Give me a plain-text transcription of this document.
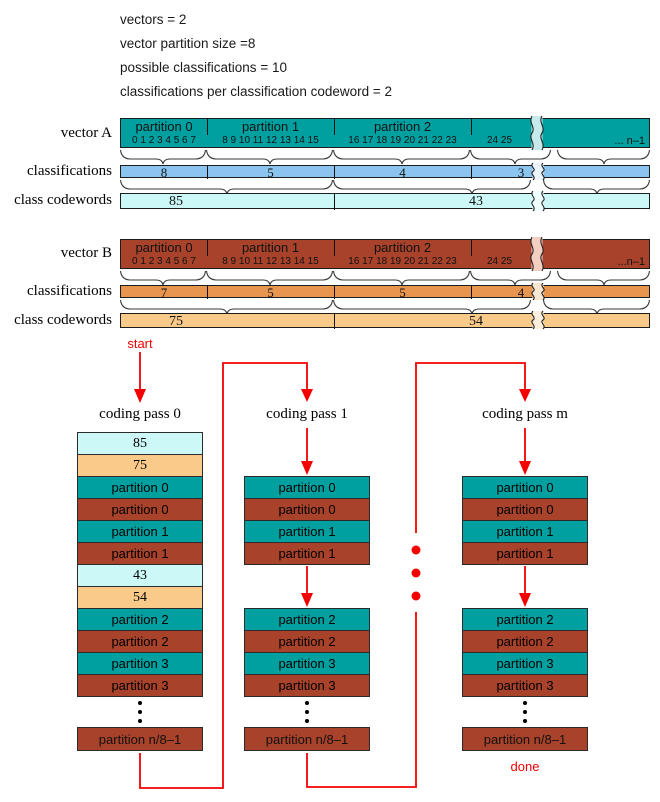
vectors = 2
vector partition size =8
possible classifications = 10
classifications per classification codeword = 2
vector A
classifications
class codewords
partition 0	partition 1	partition 2
0 1 2 3 4 5 6 7	8 9 10 11 12 13 14 15	16 17 18 19 20 21 22 23	24 25	... n–1
8	5	4	3
85	43
vector B
classifications
class codewords
partition 0	partition 1	partition 2
0 1 2 3 4 5 6 7	8 9 10 11 12 13 14 15	16 17 18 19 20 21 22 23	24 25	...n–1
7	5	5	4
75	54
start
done
coding pass 0	coding pass 1	coding pass m
85
75
partition 0
partition 0
partition 1
partition 1
43
54
partition 2
partition 2
partition 3
partition 3
partition n/8–1
partition 0
partition 0
partition 1
partition 1
partition 2
partition 2
partition 3
partition 3
partition n/8–1
partition 0
partition 0
partition 1
partition 1
partition 2
partition 2
partition 3
partition 3
partition n/8–1
